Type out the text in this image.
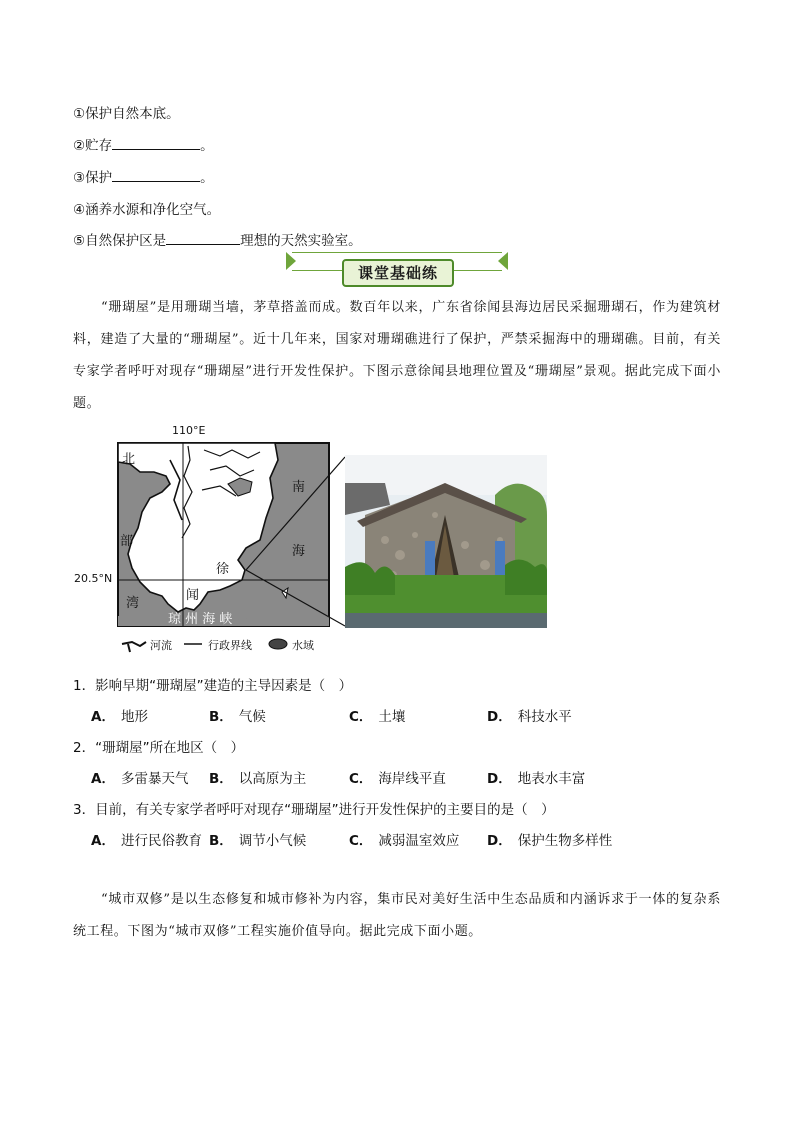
①保护自然本底。
②贮存	。
③保护	。
④涵养水源和净化空气。
⑤自然保护区是	理想的天然实验室。
课堂基础练
“珊瑚屋”是用珊瑚当墙，茅草搭盖而成。数百年以来，广东省徐闻县海边居民采掘珊瑚石，作为建筑材料，建造了大量的“珊瑚屋”。近十几年来，国家对珊瑚礁进行了保护，严禁采掘海中的珊瑚礁。目前，有关专家学者呼吁对现存“珊瑚屋”进行开发性保护。下图示意徐闻县地理位置及“珊瑚屋”景观。据此完成下面小题。
110°E
20.5°N
北
部
湾
南
海
徐
闻
琼 州 海 峡
河流	行政界线	水域
1．影响早期“珊瑚屋”建造的主导因素是（　）
A． 地形	B． 气候	C． 土壤	D． 科技水平
2．“珊瑚屋”所在地区（　）
A． 多雷暴天气 B． 以高原为主	C． 海岸线平直	D． 地表水丰富
3．目前，有关专家学者呼吁对现存“珊瑚屋”进行开发性保护的主要目的是（　）
A． 进行民俗教育 B． 调节小气候	C． 减弱温室效应 D． 保护生物多样性
“城市双修”是以生态修复和城市修补为内容，集市民对美好生活中生态品质和内涵诉求于一体的复杂系统工程。下图为“城市双修”工程实施价值导向。据此完成下面小题。
